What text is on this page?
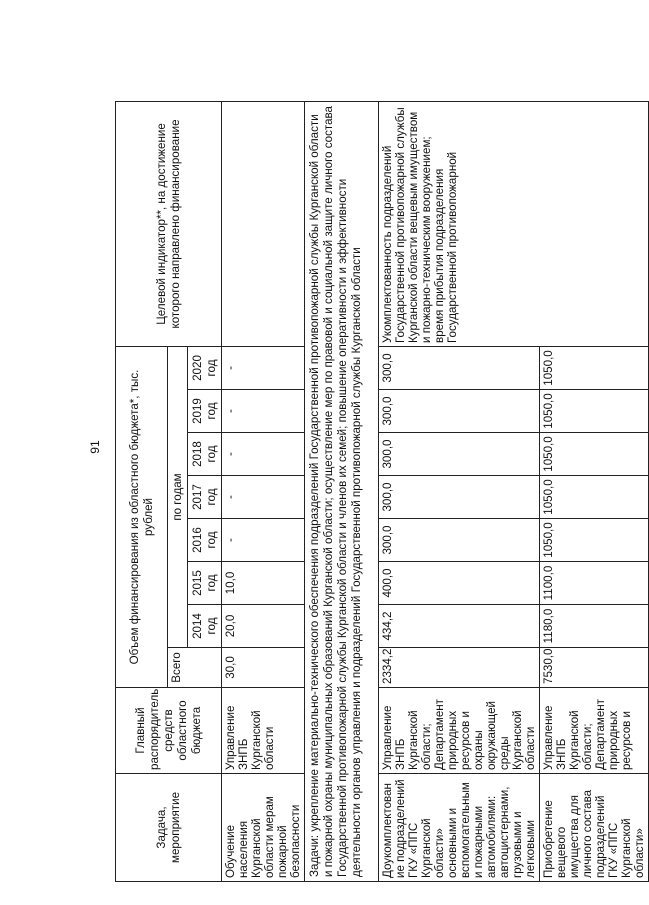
91
Задача, мероприятие	Главный распорядитель средств областного бюджета	Объем финансирования из областного бюджета*, тыс. рублей								Целевой индикатор**, на достижение которого направлено финансирование
		Всего	по годам							
			2014 год	2015 год	2016 год	2017 год	2018 год	2019 год	2020 год	
Обучение населения Курганской области мерам пожарной безопасности	Управление ЗНПБ Курганской области	30,0	20,0	10,0	-	-	-	-	-	
Задачи: укрепление материально-технического обеспечения подразделений Государственной противопожарной службы Курганской области и пожарной охраны муниципальных образований Курганской области; осуществление мер по правовой и социальной защите личного состава Государственной противопожарной службы Курганской области и членов их семей; повышение оперативности и эффективности деятельности органов управления и подразделений Государственной противопожарной службы Курганской области										
Доукомплектование подразделений ГКУ «ППС Курганской области» основными и вспомогательными пожарными автомобилями: автоцистернами, грузовыми и легковыми	Управление ЗНПБ Курганской области; Департамент природных ресурсов и охраны окружающей среды Курганской области	2334,2	434,2	400,0	300,0	300,0	300,0	300,0	300,0	Укомплектованность подразделений Государственной противопожарной службы Курганской области вещевым имуществом и пожарно-техническим вооружением; время прибытия подразделения Государственной противопожарной
Приобретение вещевого имущества для личного состава подразделений ГКУ «ППС Курганской области»	Управление ЗНПБ Курганской области; Департамент природных ресурсов и	7530,0	1180,0	1100,0	1050,0	1050,0	1050,0	1050,0	1050,0	
